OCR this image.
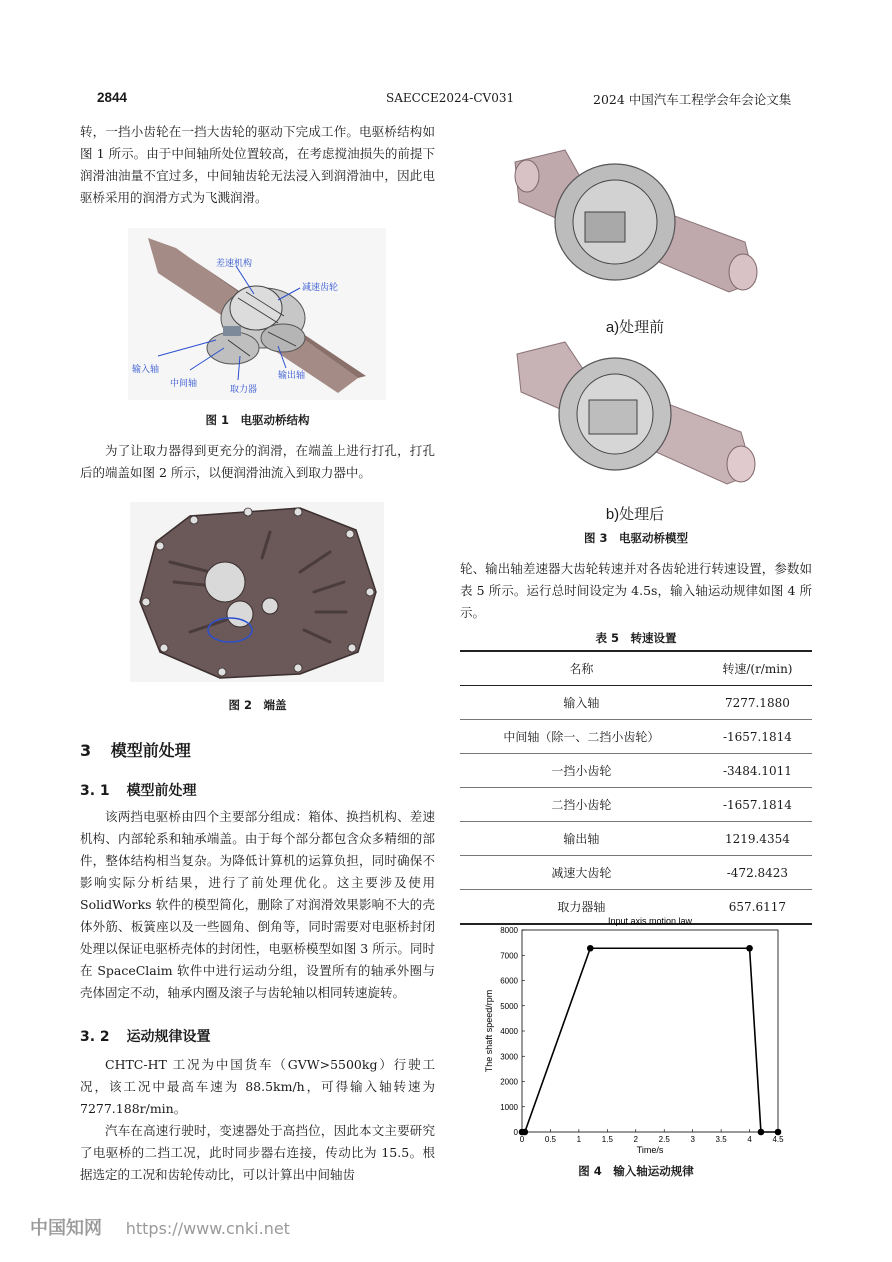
2844	SAECCE2024-CV031	2024 中国汽车工程学会年会论文集

转，一挡小齿轮在一挡大齿轮的驱动下完成工作。电驱桥结构如图 1 所示。由于中间轴所处位置较高，在考虑搅油损失的前提下润滑油油量不宜过多，中间轴齿轮无法浸入到润滑油中，因此电驱桥采用的润滑方式为飞溅润滑。

差速机构
减速齿轮
输入轴
中间轴
输出轴
取力器
图 1　电驱动桥结构

为了让取力器得到更充分的润滑，在端盖上进行打孔，打孔后的端盖如图 2 所示，以便润滑油流入到取力器中。

图 2　端盖
3 模型前处理
3. 1 模型前处理

该两挡电驱桥由四个主要部分组成：箱体、换挡机构、差速机构、内部轮系和轴承端盖。由于每个部分都包含众多精细的部件，整体结构相当复杂。为降低计算机的运算负担，同时确保不影响实际分析结果，进行了前处理优化。这主要涉及使用 SolidWorks 软件的模型简化，删除了对润滑效果影响不大的壳体外筋、板簧座以及一些圆角、倒角等，同时需要对电驱桥封闭处理以保证电驱桥壳体的封闭性，电驱桥模型如图 3 所示。同时在 SpaceClaim 软件中进行运动分组，设置所有的轴承外圈与壳体固定不动，轴承内圈及滚子与齿轮轴以相同转速旋转。

3. 2 运动规律设置

CHTC-HT 工况为中国货车（GVW>5500kg）行驶工况，该工况中最高车速为 88.5km/h，可得输入轴转速为 7277.188r/min。

汽车在高速行驶时，变速器处于高挡位，因此本文主要研究了电驱桥的二挡工况，此时同步器右连接，传动比为 15.5。根据选定的工况和齿轮传动比，可以计算出中间轴齿

a)处理前
b)处理后
图 3　电驱动桥模型

轮、输出轴差速器大齿轮转速并对各齿轮进行转速设置，参数如表 5 所示。运行总时间设定为 4.5s，输入轴运动规律如图 4 所示。

表 5　转速设置
名称	转速/(r/min)
输入轴	7277.1880
中间轴（除一、二挡小齿轮）	-1657.1814
一挡小齿轮	-3484.1011
二挡小齿轮	-1657.1814
输出轴	1219.4354
减速大齿轮	-472.8423
取力器轴	657.6117
0	0.5	1	1.5	2	2.5	3	3.5	4	4.5
0
1000
2000
3000
4000
5000
6000
7000
8000
Input axis motion law
Time/s
The shaft speed/rpm
图 4　输入轴运动规律
中国知网 https://www.cnki.net
